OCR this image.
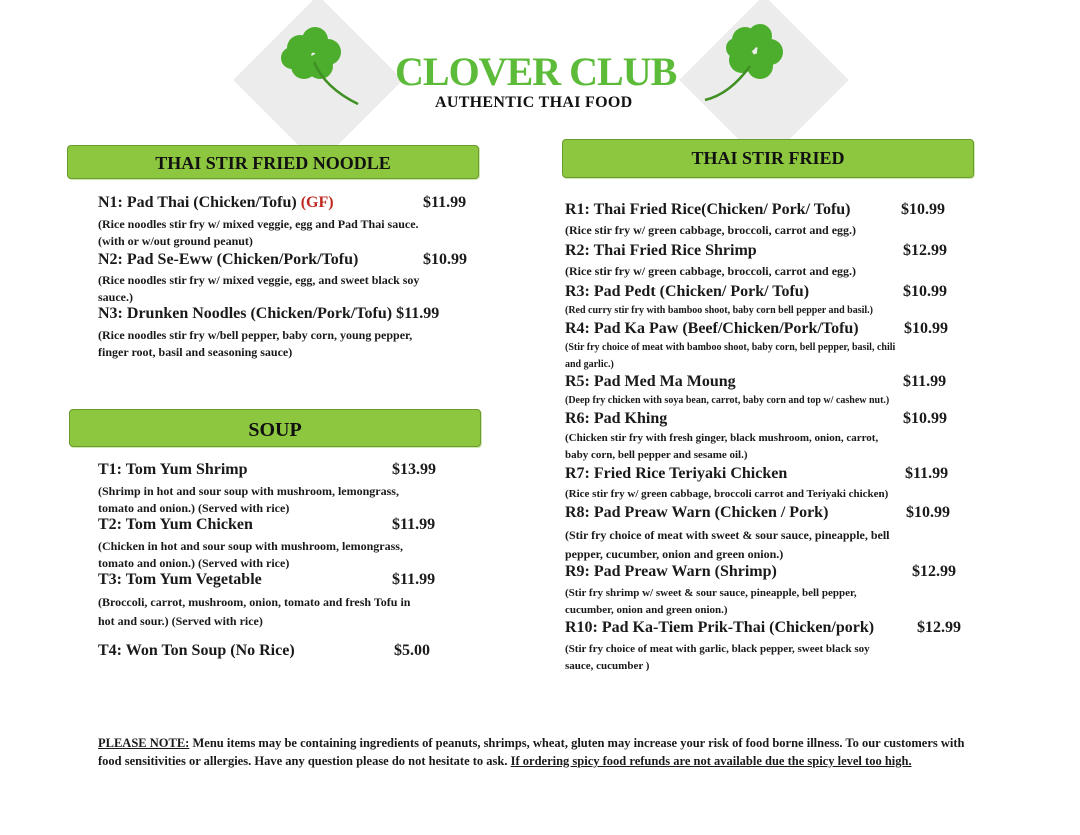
CLOVER CLUB
AUTHENTIC THAI FOOD
THAI STIR FRIED NOODLE
SOUP
THAI STIR FRIED
N1: Pad Thai (Chicken/Tofu) (GF)	$11.99
(Rice noodles stir fry w/ mixed veggie, egg and Pad Thai sauce.
(with or w/out ground peanut)
N2: Pad Se-Eww (Chicken/Pork/Tofu)	$10.99
(Rice noodles stir fry w/ mixed veggie, egg, and sweet black soy
sauce.)
N3: Drunken Noodles (Chicken/Pork/Tofu) $11.99
(Rice noodles stir fry w/bell pepper, baby corn, young pepper,
finger root, basil and seasoning sauce)
T1: Tom Yum Shrimp	$13.99
(Shrimp in hot and sour soup with mushroom, lemongrass,
tomato and onion.) (Served with rice)
T2: Tom Yum Chicken	$11.99
(Chicken in hot and sour soup with mushroom, lemongrass,
tomato and onion.) (Served with rice)
T3: Tom Yum Vegetable	$11.99
(Broccoli, carrot, mushroom, onion, tomato and fresh Tofu in
hot and sour.) (Served with rice)
T4: Won Ton Soup (No Rice)	$5.00
R1: Thai Fried Rice(Chicken/ Pork/ Tofu)	$10.99
(Rice stir fry w/ green cabbage, broccoli, carrot and egg.)
R2: Thai Fried Rice Shrimp	$12.99
(Rice stir fry w/ green cabbage, broccoli, carrot and egg.)
R3: Pad Pedt (Chicken/ Pork/ Tofu)	$10.99
(Red curry stir fry with bamboo shoot, baby corn bell pepper and basil.)
R4: Pad Ka Paw (Beef/Chicken/Pork/Tofu)	$10.99
(Stir fry choice of meat with bamboo shoot, baby corn, bell pepper, basil, chili
and garlic.)
R5: Pad Med Ma Moung	$11.99
(Deep fry chicken with soya bean, carrot, baby corn and top w/ cashew nut.)
R6: Pad Khing	$10.99
(Chicken stir fry with fresh ginger, black mushroom, onion, carrot,
baby corn, bell pepper and sesame oil.)
R7: Fried Rice Teriyaki Chicken	$11.99
(Rice stir fry w/ green cabbage, broccoli carrot and Teriyaki chicken)
R8: Pad Preaw Warn (Chicken / Pork)	$10.99
(Stir fry choice of meat with sweet & sour sauce, pineapple, bell
pepper, cucumber, onion and green onion.)
R9: Pad Preaw Warn (Shrimp)	$12.99
(Stir fry shrimp w/ sweet & sour sauce, pineapple, bell pepper,
cucumber, onion and green onion.)
R10: Pad Ka-Tiem Prik-Thai (Chicken/pork)	$12.99
(Stir fry choice of meat with garlic, black pepper, sweet black soy
sauce, cucumber )
PLEASE NOTE: Menu items may be containing ingredients of peanuts, shrimps, wheat, gluten may increase your risk of food borne illness. To our customers with food sensitivities or allergies. Have any question please do not hesitate to ask. If ordering spicy food refunds are not available due the spicy level too high.
